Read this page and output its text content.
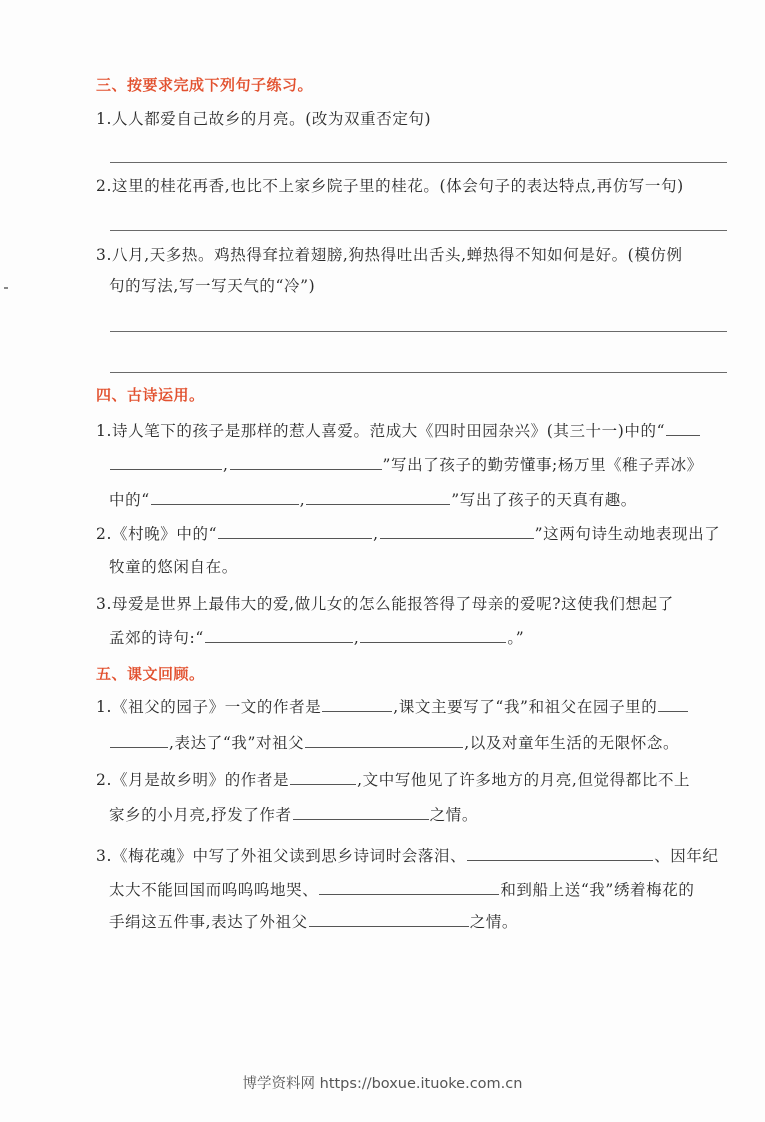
三、按要求完成下列句子练习。
1.人人都爱自己故乡的月亮。(改为双重否定句)
2.这里的桂花再香,也比不上家乡院子里的桂花。(体会句子的表达特点,再仿写一句)
3.八月,天多热。鸡热得耷拉着翅膀,狗热得吐出舌头,蝉热得不知如何是好。(模仿例
句的写法,写一写天气的“冷”)
四、古诗运用。
1.诗人笔下的孩子是那样的惹人喜爱。范成大《四时田园杂兴》(其三十一)中的“
,	”写出了孩子的勤劳懂事;杨万里《稚子弄冰》
中的“	,	”写出了孩子的天真有趣。
2.《村晚》中的“	,	”这两句诗生动地表现出了
牧童的悠闲自在。
3.母爱是世界上最伟大的爱,做儿女的怎么能报答得了母亲的爱呢?这使我们想起了
孟郊的诗句:“	,	。”
五、课文回顾。
1.《祖父的园子》一文的作者是	,课文主要写了“我”和祖父在园子里的
,表达了“我”对祖父	,以及对童年生活的无限怀念。
2.《月是故乡明》的作者是	,文中写他见了许多地方的月亮,但觉得都比不上
家乡的小月亮,抒发了作者	之情。
3.《梅花魂》中写了外祖父读到思乡诗词时会落泪、	、因年纪
太大不能回国而呜呜呜地哭、	和到船上送“我”绣着梅花的
手绢这五件事,表达了外祖父	之情。
博学资料网 https://boxue.ituoke.com.cn
